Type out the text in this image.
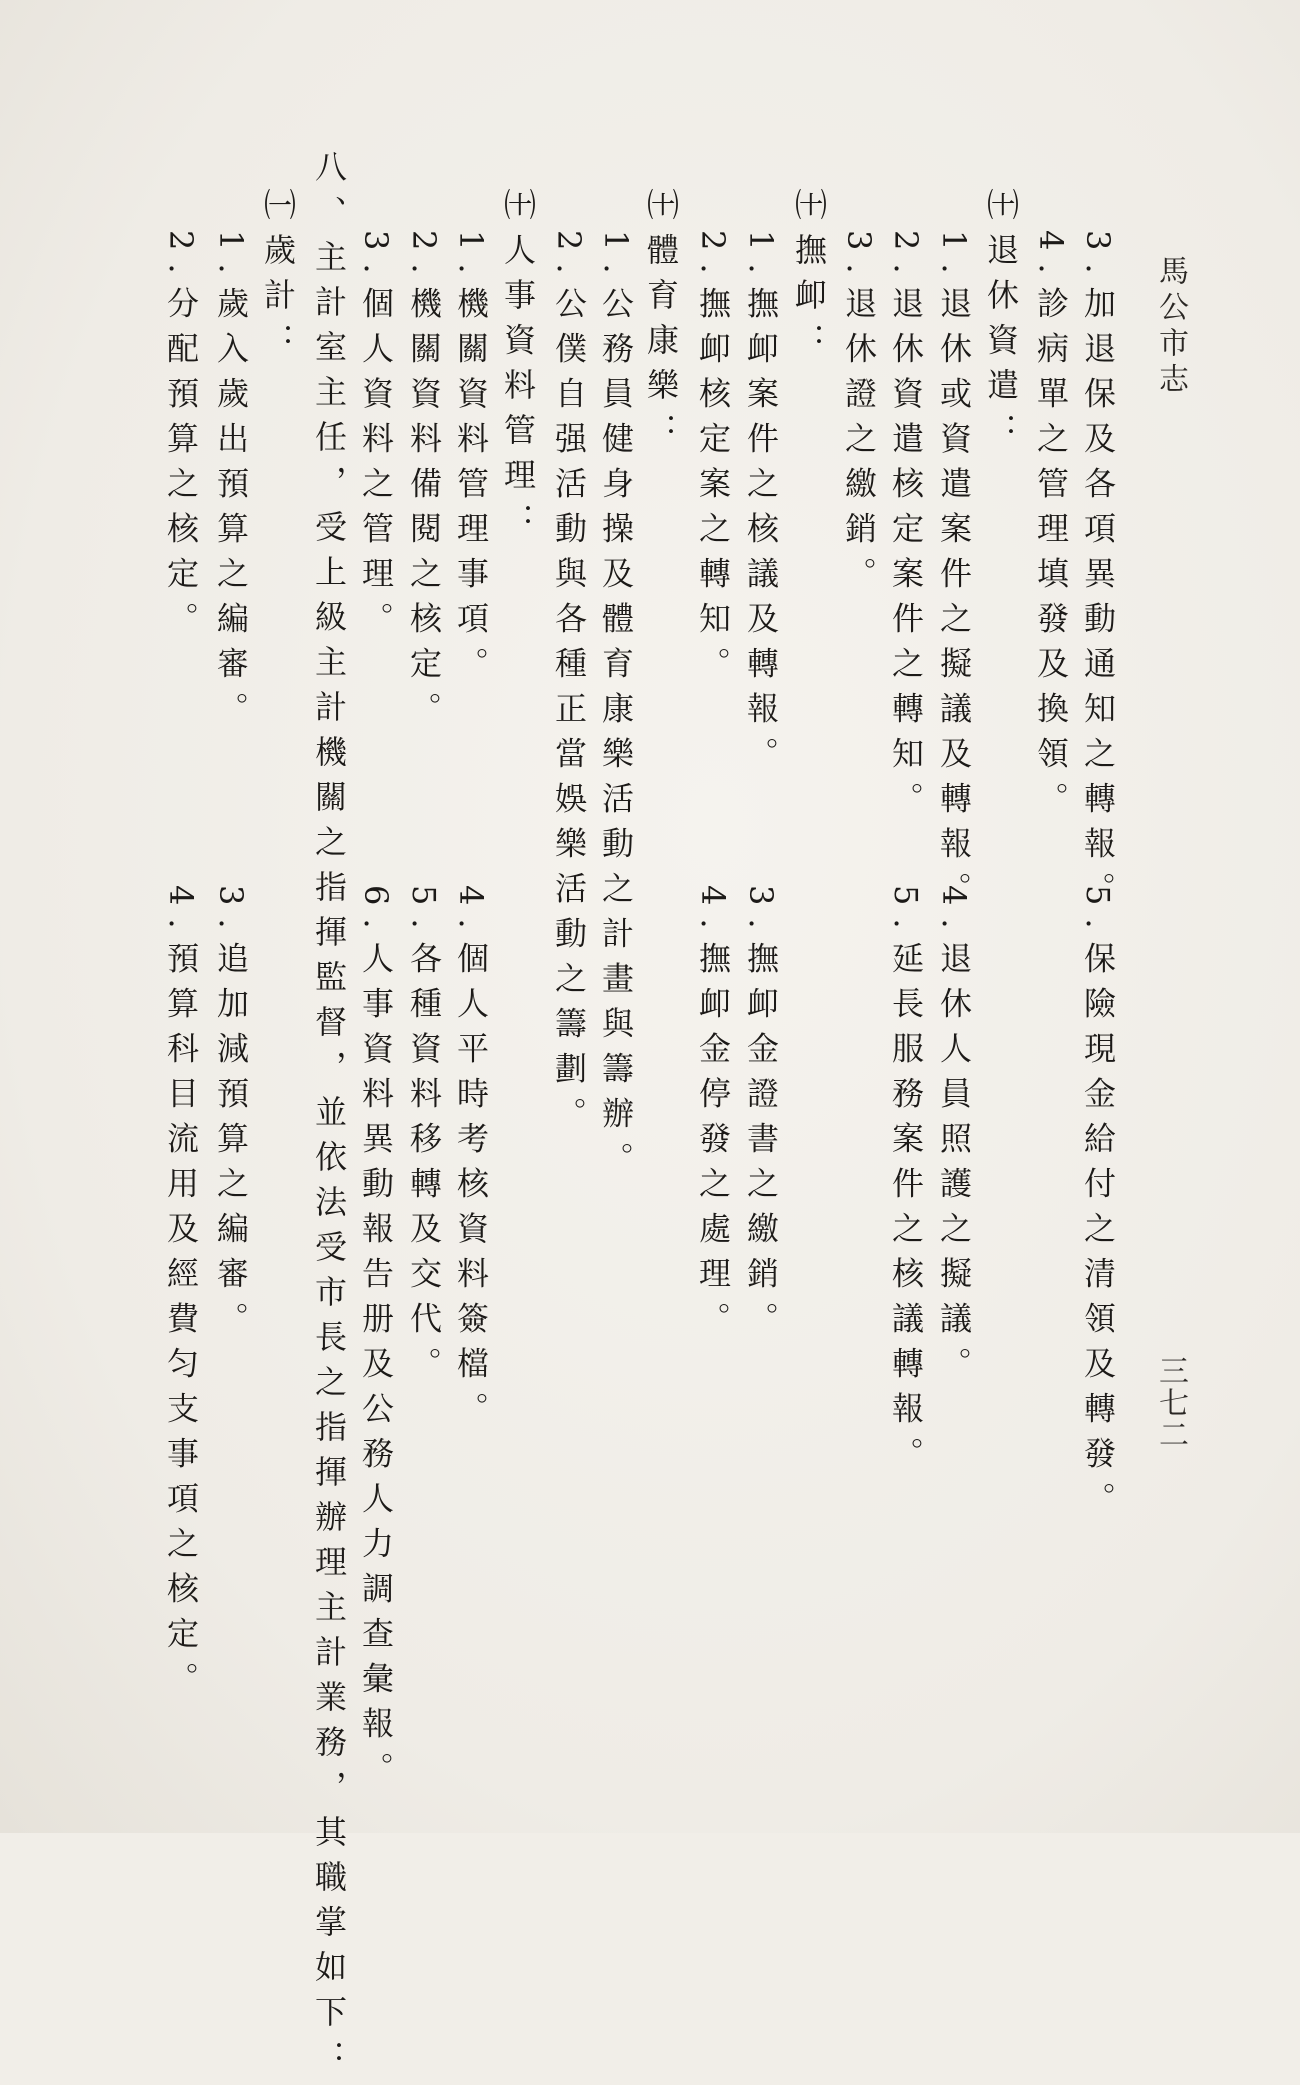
馬公市志
三七二
3.加退保及各項異動通知之轉報。
4.診病單之管理填發及換領。
㈩退休資遣：
1.退休或資遣案件之擬議及轉報。
2.退休資遣核定案件之轉知。
3.退休證之繳銷。
㈩撫卹：
1.撫卹案件之核議及轉報。
2.撫卹核定案之轉知。
㈩體育康樂：
1.公務員健身操及體育康樂活動之計畫與籌辦。
2.公僕自强活動與各種正當娛樂活動之籌劃。
㈩人事資料管理：
1.機關資料管理事項。
2.機關資料備閱之核定。
3.個人資料之管理。
八、主計室主任，受上級主計機關之指揮監督，並依法受市長之指揮辦理主計業務，其職掌如下：
㈠歲計：
1.歲入歲出預算之編審。
2.分配預算之核定。
5.保險現金給付之清領及轉發。
4.退休人員照護之擬議。
5.延長服務案件之核議轉報。
3.撫卹金證書之繳銷。
4.撫卹金停發之處理。
4.個人平時考核資料簽檔。
5.各種資料移轉及交代。
6.人事資料異動報告册及公務人力調查彙報。
3.追加減預算之編審。
4.預算科目流用及經費匀支事項之核定。
